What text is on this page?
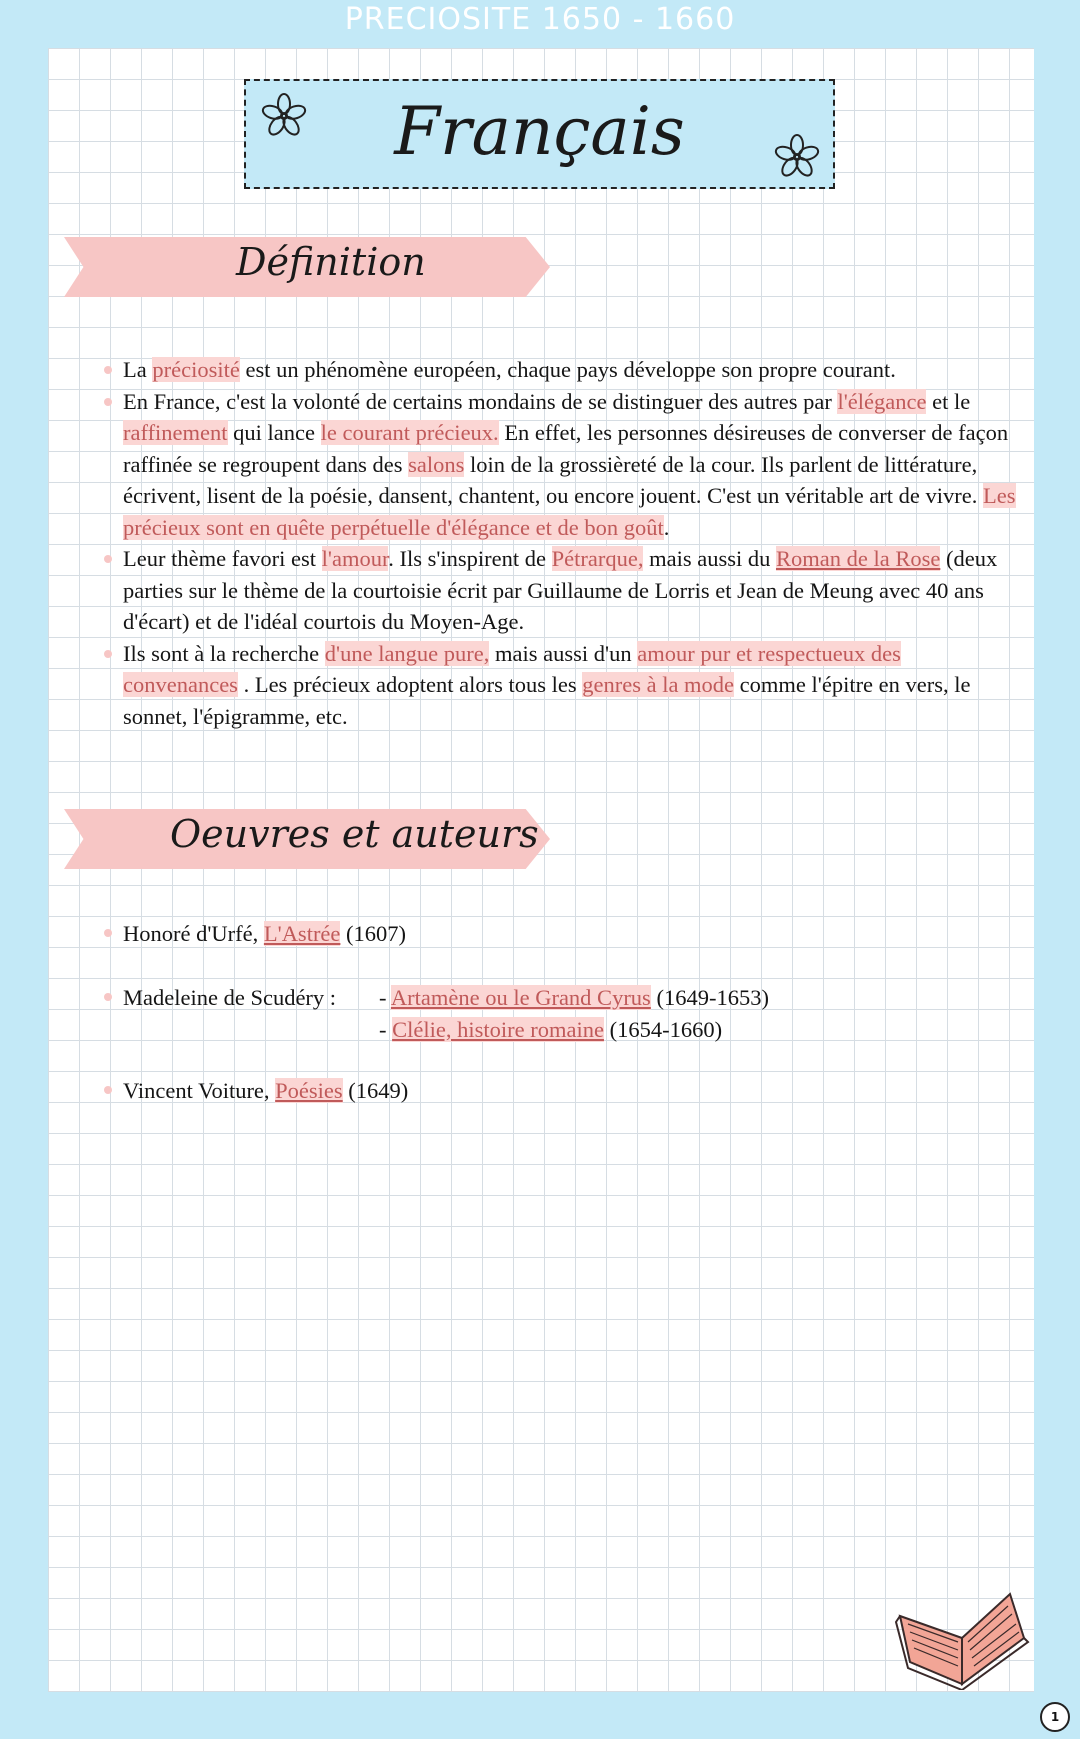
PRECIOSITE 1650 - 1660
Français
Définition
La préciosité est un phénomène européen, chaque pays développe son propre courant.
En France, c'est la volonté de certains mondains de se distinguer des autres par l'élégance et le raffinement qui lance le courant précieux. En effet, les personnes désireuses de converser de façon raffinée se regroupent dans des salons loin de la grossièreté de la cour. Ils parlent de littérature, écrivent, lisent de la poésie, dansent, chantent, ou encore jouent. C'est un véritable art de vivre. Les précieux sont en quête perpétuelle d'élégance et de bon goût.
Leur thème favori est l'amour. Ils s'inspirent de Pétrarque, mais aussi du Roman de la Rose (deux parties sur le thème de la courtoisie écrit par Guillaume de Lorris et Jean de Meung avec 40 ans d'écart) et de l'idéal courtois du Moyen-Age.
Ils sont à la recherche d'une langue pure, mais aussi d'un amour pur et respectueux des convenances . Les précieux adoptent alors tous les genres à la mode comme l'épitre en vers, le sonnet, l'épigramme, etc.
Oeuvres et auteurs
Honoré d'Urfé, L'Astrée (1607)
Madeleine de Scudéry : - Artamène ou le Grand Cyrus (1649-1653)
- Clélie, histoire romaine (1654-1660)
Vincent Voiture, Poésies (1649)
1
